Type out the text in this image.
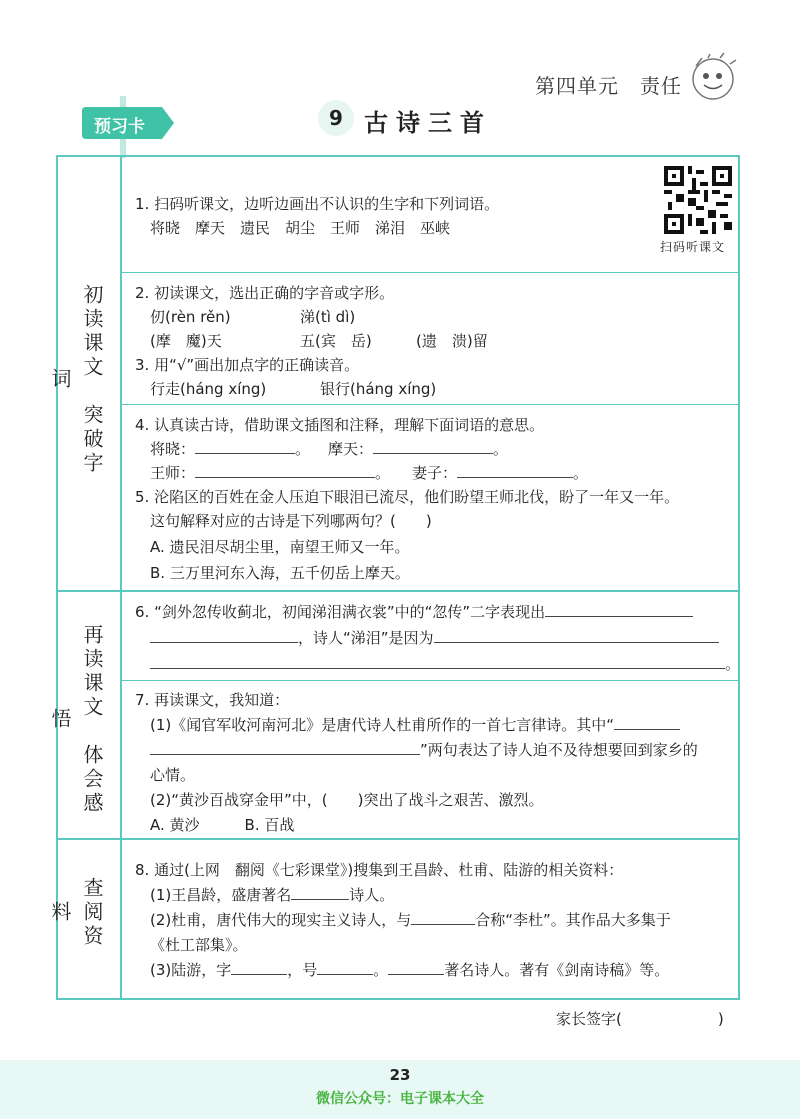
第四单元　责任
预习卡	9 古诗三首
初读课文　突破字词
再读课文　体会感悟
查阅资料
扫码听课文
1. 扫码听课文，边听边画出不认识的生字和下列词语。
将晓　摩天　遗民　胡尘　王师　涕泪　巫峡
2. 初读课文，选出正确的字音或字形。
仞(rèn rěn)	涕(tì dì)
(摩　魔)天	五(宾　岳)	(遗　溃)留
3. 用“√”画出加点字的正确读音。
行走(háng xíng)	银行(háng xíng)
4. 认真读古诗，借助课文插图和注释，理解下面词语的意思。
将晓：	。 摩天：	。
王师：	。 妻子：	。
5. 沦陷区的百姓在金人压迫下眼泪已流尽，他们盼望王师北伐，盼了一年又一年。
这句解释对应的古诗是下列哪两句？(　　)
A. 遗民泪尽胡尘里，南望王师又一年。
B. 三万里河东入海，五千仞岳上摩天。
6. “剑外忽传收蓟北，初闻涕泪满衣裳”中的“忽传”二字表现出
，诗人“涕泪”是因为
。
7. 再读课文，我知道：
(1)《闻官军收河南河北》是唐代诗人杜甫所作的一首七言律诗。其中“
”两句表达了诗人迫不及待想要回到家乡的
心情。
(2)“黄沙百战穿金甲”中，(　　)突出了战斗之艰苦、激烈。
A. 黄沙　　　B. 百战
8. 通过(上网　翻阅《七彩课堂》)搜集到王昌龄、杜甫、陆游的相关资料：
(1)王昌龄，盛唐著名	诗人。
(2)杜甫，唐代伟大的现实主义诗人，与	合称“李杜”。其作品大多集于
《杜工部集》。
(3)陆游，字	，号	。	著名诗人。著有《剑南诗稿》等。
家长签字(	)
23
微信公众号：电子课本大全
